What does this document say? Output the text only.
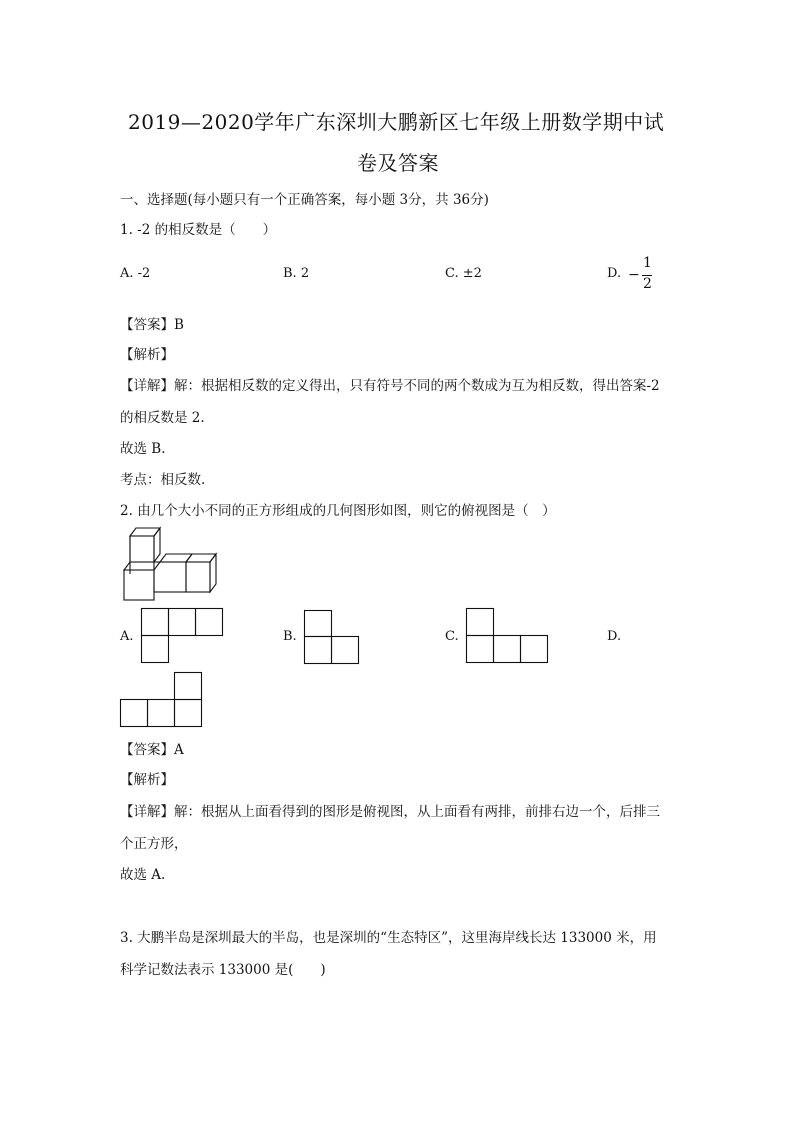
2019—2020学年广东深圳大鹏新区七年级上册数学期中试
卷及答案
一、选择题(每小题只有一个正确答案，每小题 3分，共 36分)
1. -2 的相反数是（　　）
A. -2	B. 2	C. ±2	D. −
1
2
【答案】B
【解析】
【详解】解：根据相反数的定义得出，只有符号不同的两个数成为互为相反数，得出答案-2
的相反数是 2.
故选 B.
考点：相反数.
2. 由几个大小不同的正方形组成的几何图形如图，则它的俯视图是（　）
A.	B.	C.	D.
【答案】A
【解析】
【详解】解：根据从上面看得到的图形是俯视图，从上面看有两排，前排右边一个，后排三
个正方形，
故选 A.
3. 大鹏半岛是深圳最大的半岛，也是深圳的“生态特区”，这里海岸线长达 133000 米，用
科学记数法表示 133000 是(　　)
